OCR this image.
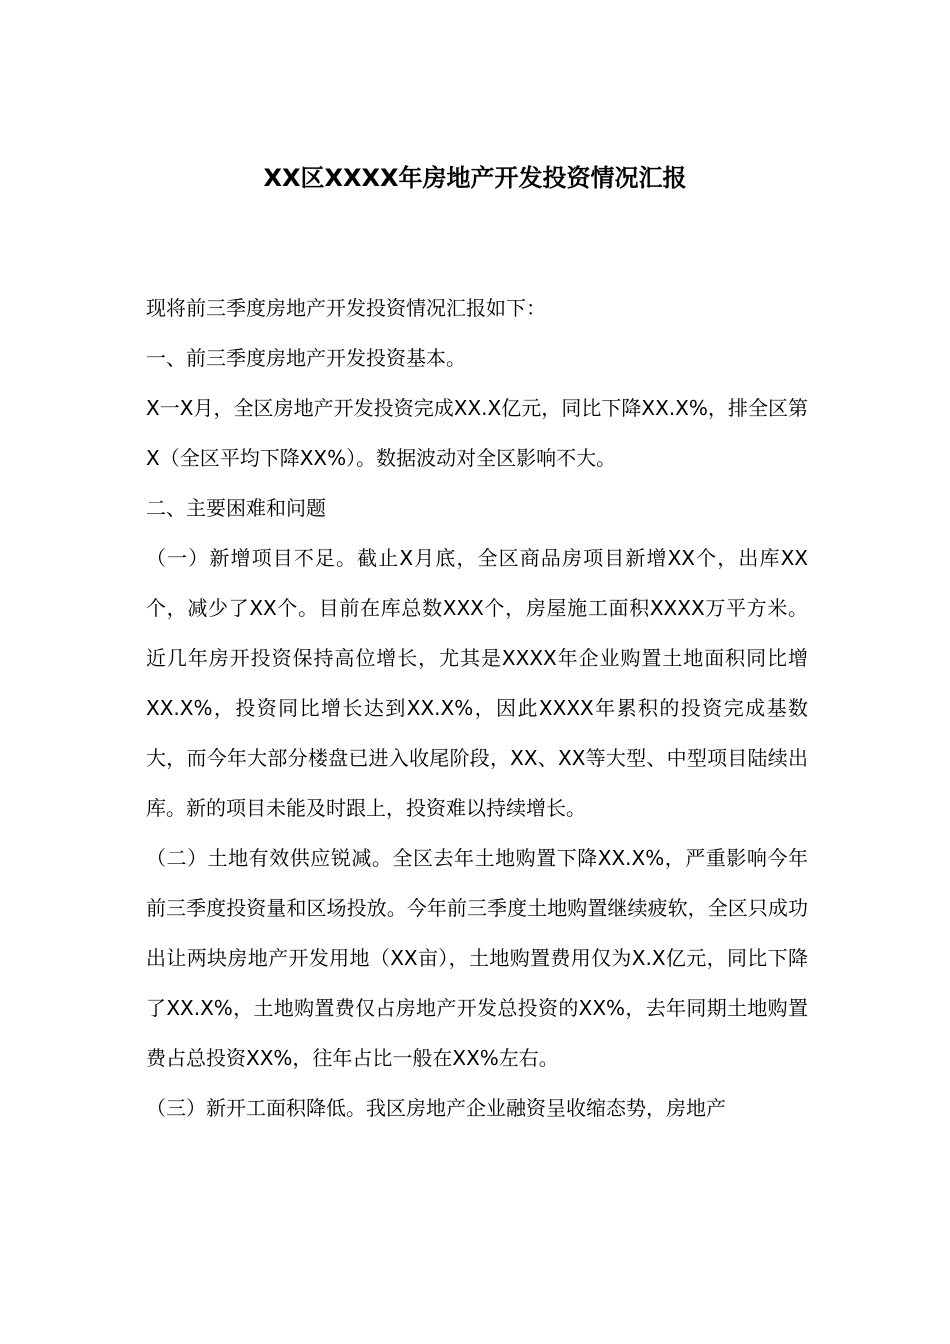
XX区XXXX年房地产开发投资情况汇报

现将前三季度房地产开发投资情况汇报如下：

一、前三季度房地产开发投资基本。

X一X月，全区房地产开发投资完成XX.X亿元，同比下降XX.X%，排全区第X（全区平均下降XX%）。数据波动对全区影响不大。

二、主要困难和问题

（一）新增项目不足。截止X月底，全区商品房项目新增XX个，出库XX个，减少了XX个。目前在库总数XXX个，房屋施工面积XXXX万平方米。近几年房开投资保持高位增长，尤其是XXXX年企业购置土地面积同比增XX.X%，投资同比增长达到XX.X%，因此XXXX年累积的投资完成基数大，而今年大部分楼盘已进入收尾阶段，XX、XX等大型、中型项目陆续出库。新的项目未能及时跟上，投资难以持续增长。

（二）土地有效供应锐减。全区去年土地购置下降XX.X%，严重影响今年前三季度投资量和区场投放。今年前三季度土地购置继续疲软，全区只成功出让两块房地产开发用地（XX亩），土地购置费用仅为X.X亿元，同比下降了XX.X%，土地购置费仅占房地产开发总投资的XX%，去年同期土地购置费占总投资XX%，往年占比一般在XX%左右。

（三）新开工面积降低。我区房地产企业融资呈收缩态势，房地产
